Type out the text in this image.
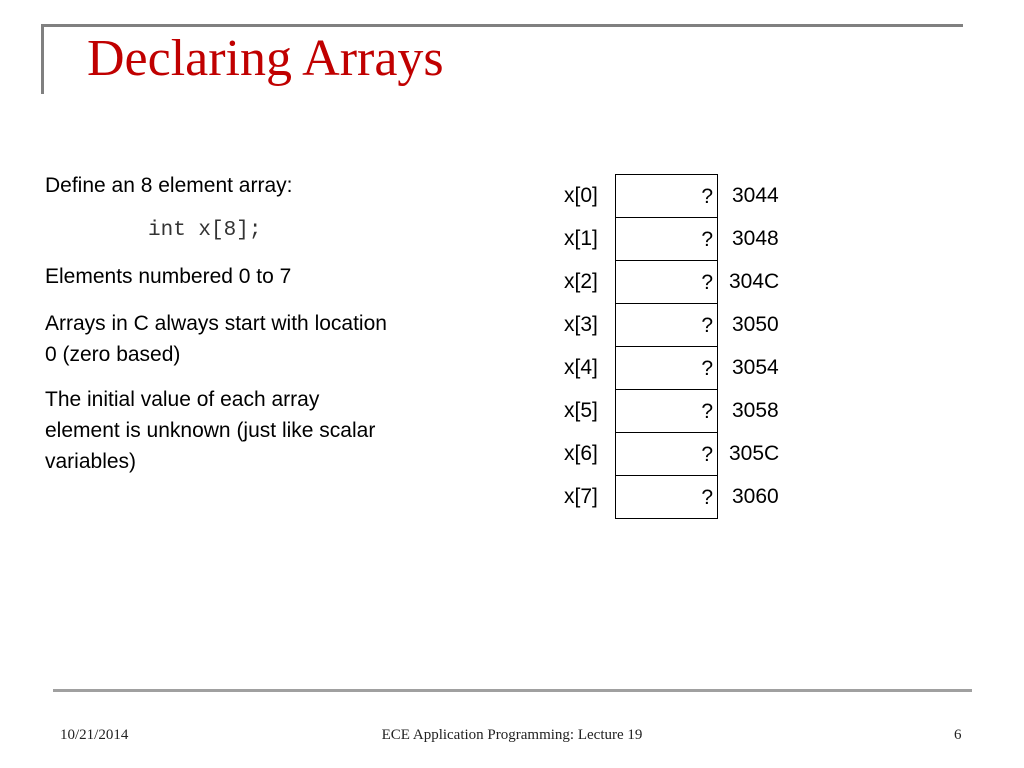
Declaring Arrays

Define an 8 element array:

int x[8];

Elements numbered 0 to 7

Arrays in C always start with location 0 (zero based)

The initial value of each array element is unknown (just like scalar variables)

x[0]	? 3044
x[1]	? 3048
x[2]	? 304C
x[3]	? 3050
x[4]	? 3054
x[5]	? 3058
x[6]	? 305C
x[7]	? 3060
10/21/2014	ECE Application Programming: Lecture 19	6
